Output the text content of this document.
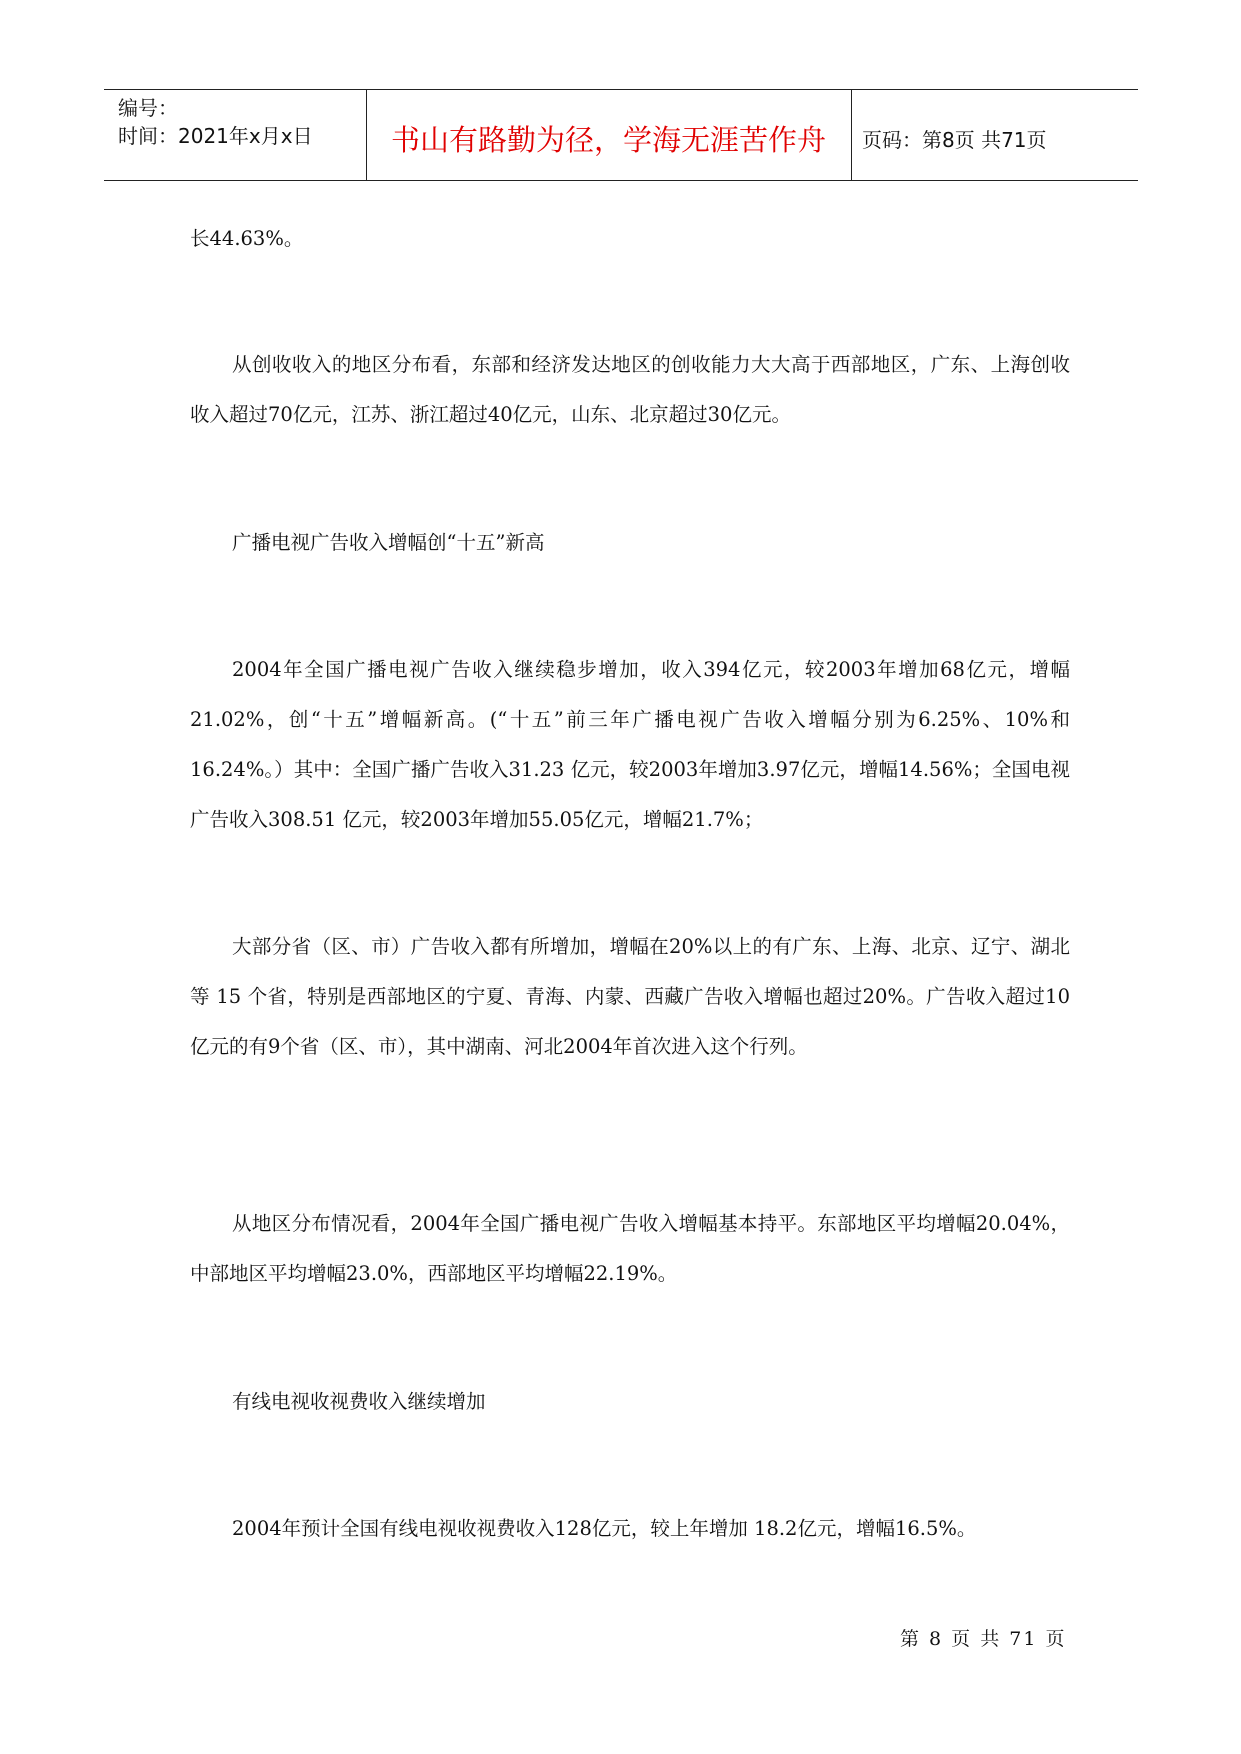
编号：
时间：2021年x月x日	书山有路勤为径，学海无涯苦作舟	页码：第8页 共71页

长44.63%。

从创收收入的地区分布看，东部和经济发达地区的创收能力大大高于西部地区，广东、上海创收收入超过70亿元，江苏、浙江超过40亿元，山东、北京超过30亿元。

广播电视广告收入增幅创“十五”新高

2004年全国广播电视广告收入继续稳步增加，收入394亿元，较2003年增加68亿元，增幅21.02%，创“十五”增幅新高。(“十五”前三年广播电视广告收入增幅分别为6.25%、10%和16.24%。）其中：全国广播广告收入31.23 亿元，较2003年增加3.97亿元，增幅14.56%；全国电视广告收入308.51 亿元，较2003年增加55.05亿元，增幅21.7%；

大部分省（区、市）广告收入都有所增加，增幅在20%以上的有广东、上海、北京、辽宁、湖北等 15 个省，特别是西部地区的宁夏、青海、内蒙、西藏广告收入增幅也超过20%。广告收入超过10亿元的有9个省（区、市），其中湖南、河北2004年首次进入这个行列。

从地区分布情况看，2004年全国广播电视广告收入增幅基本持平。东部地区平均增幅20.04%，中部地区平均增幅23.0%，西部地区平均增幅22.19%。

有线电视收视费收入继续增加

2004年预计全国有线电视收视费收入128亿元，较上年增加 18.2亿元，增幅16.5%。

第 8 页 共 71 页
